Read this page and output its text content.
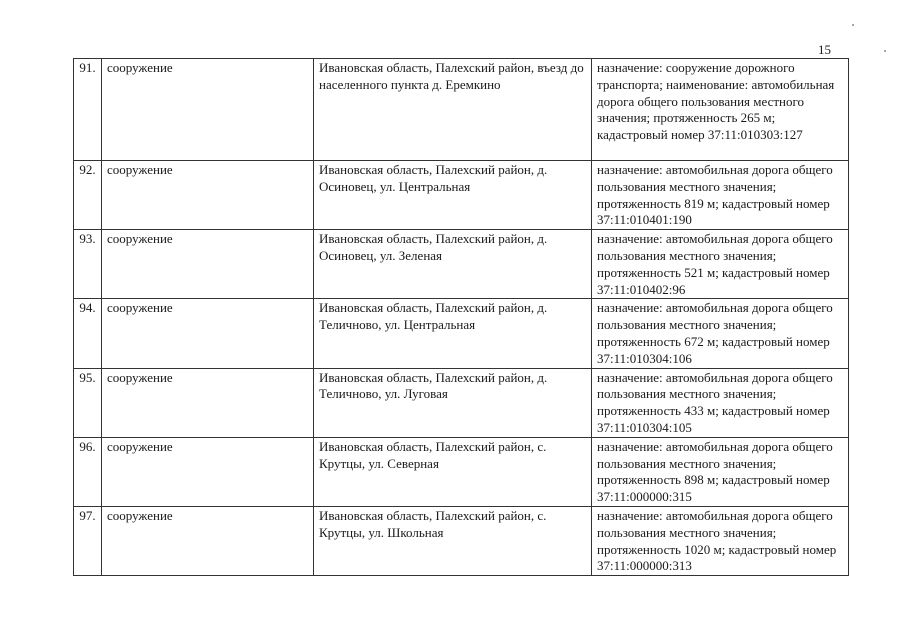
15
91.	сооружение	Ивановская область, Палехский район, въезд до населенного пункта д. Еремкино	назначение: сооружение дорожного транспорта; наименование: автомобильная дорога общего пользования местного значения; протяженность 265 м; кадастровый номер 37:11:010303:127
92.	сооружение	Ивановская область, Палехский район, д. Осиновец, ул. Центральная	назначение: автомобильная дорога общего пользования местного значения; протяженность 819 м; кадастровый номер 37:11:010401:190
93.	сооружение	Ивановская область, Палехский район, д. Осиновец, ул. Зеленая	назначение: автомобильная дорога общего пользования местного значения; протяженность 521 м; кадастровый номер 37:11:010402:96
94.	сооружение	Ивановская область, Палехский район, д. Теличново, ул. Центральная	назначение: автомобильная дорога общего пользования местного значения; протяженность 672 м; кадастровый номер 37:11:010304:106
95.	сооружение	Ивановская область, Палехский район, д. Теличново, ул. Луговая	назначение: автомобильная дорога общего пользования местного значения; протяженность 433 м; кадастровый номер 37:11:010304:105
96.	сооружение	Ивановская область, Палехский район, с. Крутцы, ул. Северная	назначение: автомобильная дорога общего пользования местного значения; протяженность 898 м; кадастровый номер 37:11:000000:315
97.	сооружение	Ивановская область, Палехский район, с. Крутцы, ул. Школьная	назначение: автомобильная дорога общего пользования местного значения; протяженность 1020 м; кадастровый номер 37:11:000000:313
